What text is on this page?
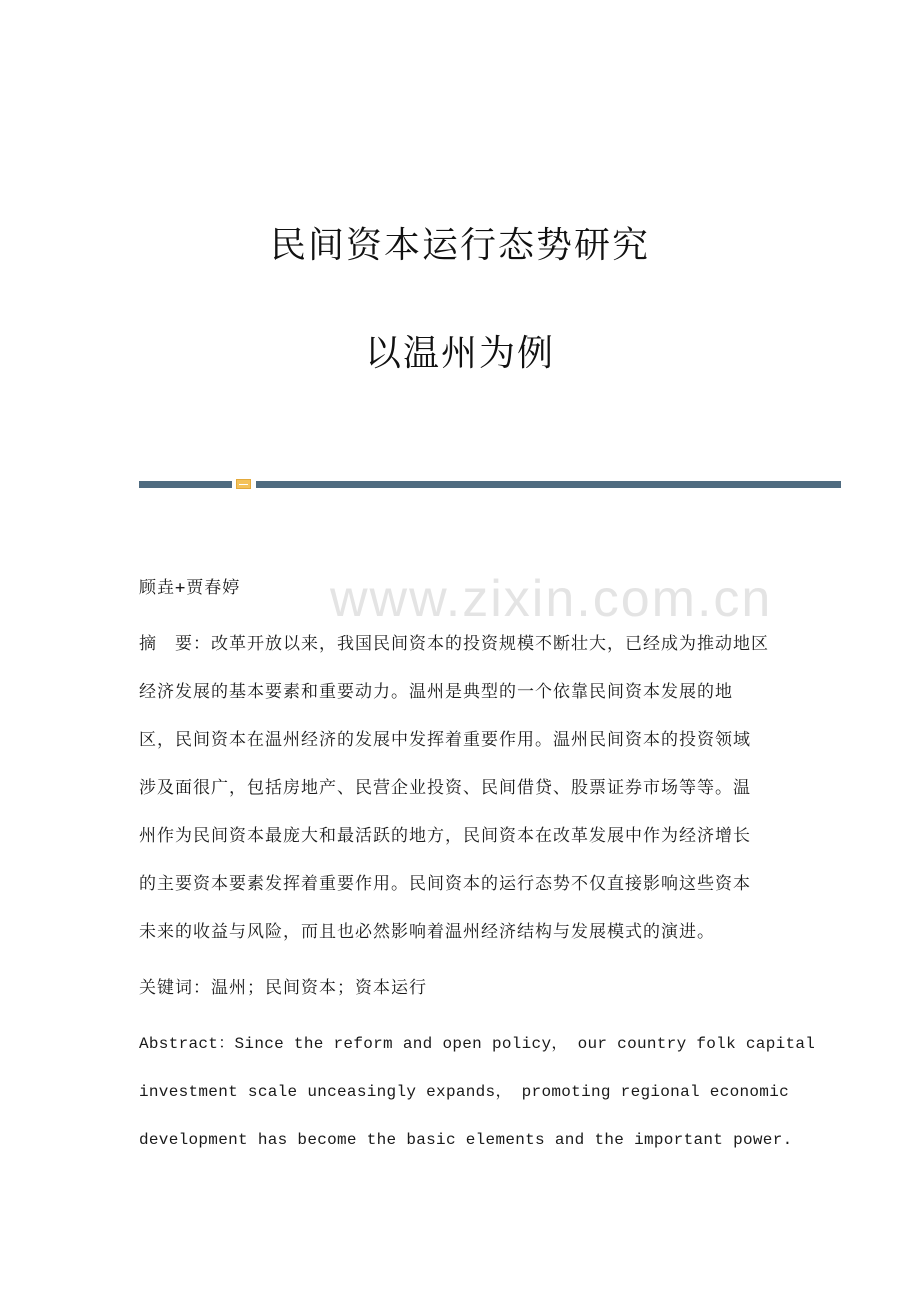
民间资本运行态势研究
以温州为例
www.zixin.com.cn
顾垚+贾春婷
摘　要：改革开放以来，我国民间资本的投资规模不断壮大，已经成为推动地区
经济发展的基本要素和重要动力。温州是典型的一个依靠民间资本发展的地
区，民间资本在温州经济的发展中发挥着重要作用。温州民间资本的投资领域
涉及面很广，包括房地产、民营企业投资、民间借贷、股票证券市场等等。温
州作为民间资本最庞大和最活跃的地方，民间资本在改革发展中作为经济增长
的主要资本要素发挥着重要作用。民间资本的运行态势不仅直接影响这些资本
未来的收益与风险，而且也必然影响着温州经济结构与发展模式的演进。
关键词：温州；民间资本；资本运行
Abstract：Since the reform and open policy， our country folk capital
investment scale unceasingly expands， promoting regional economic
development has become the basic elements and the important power.
